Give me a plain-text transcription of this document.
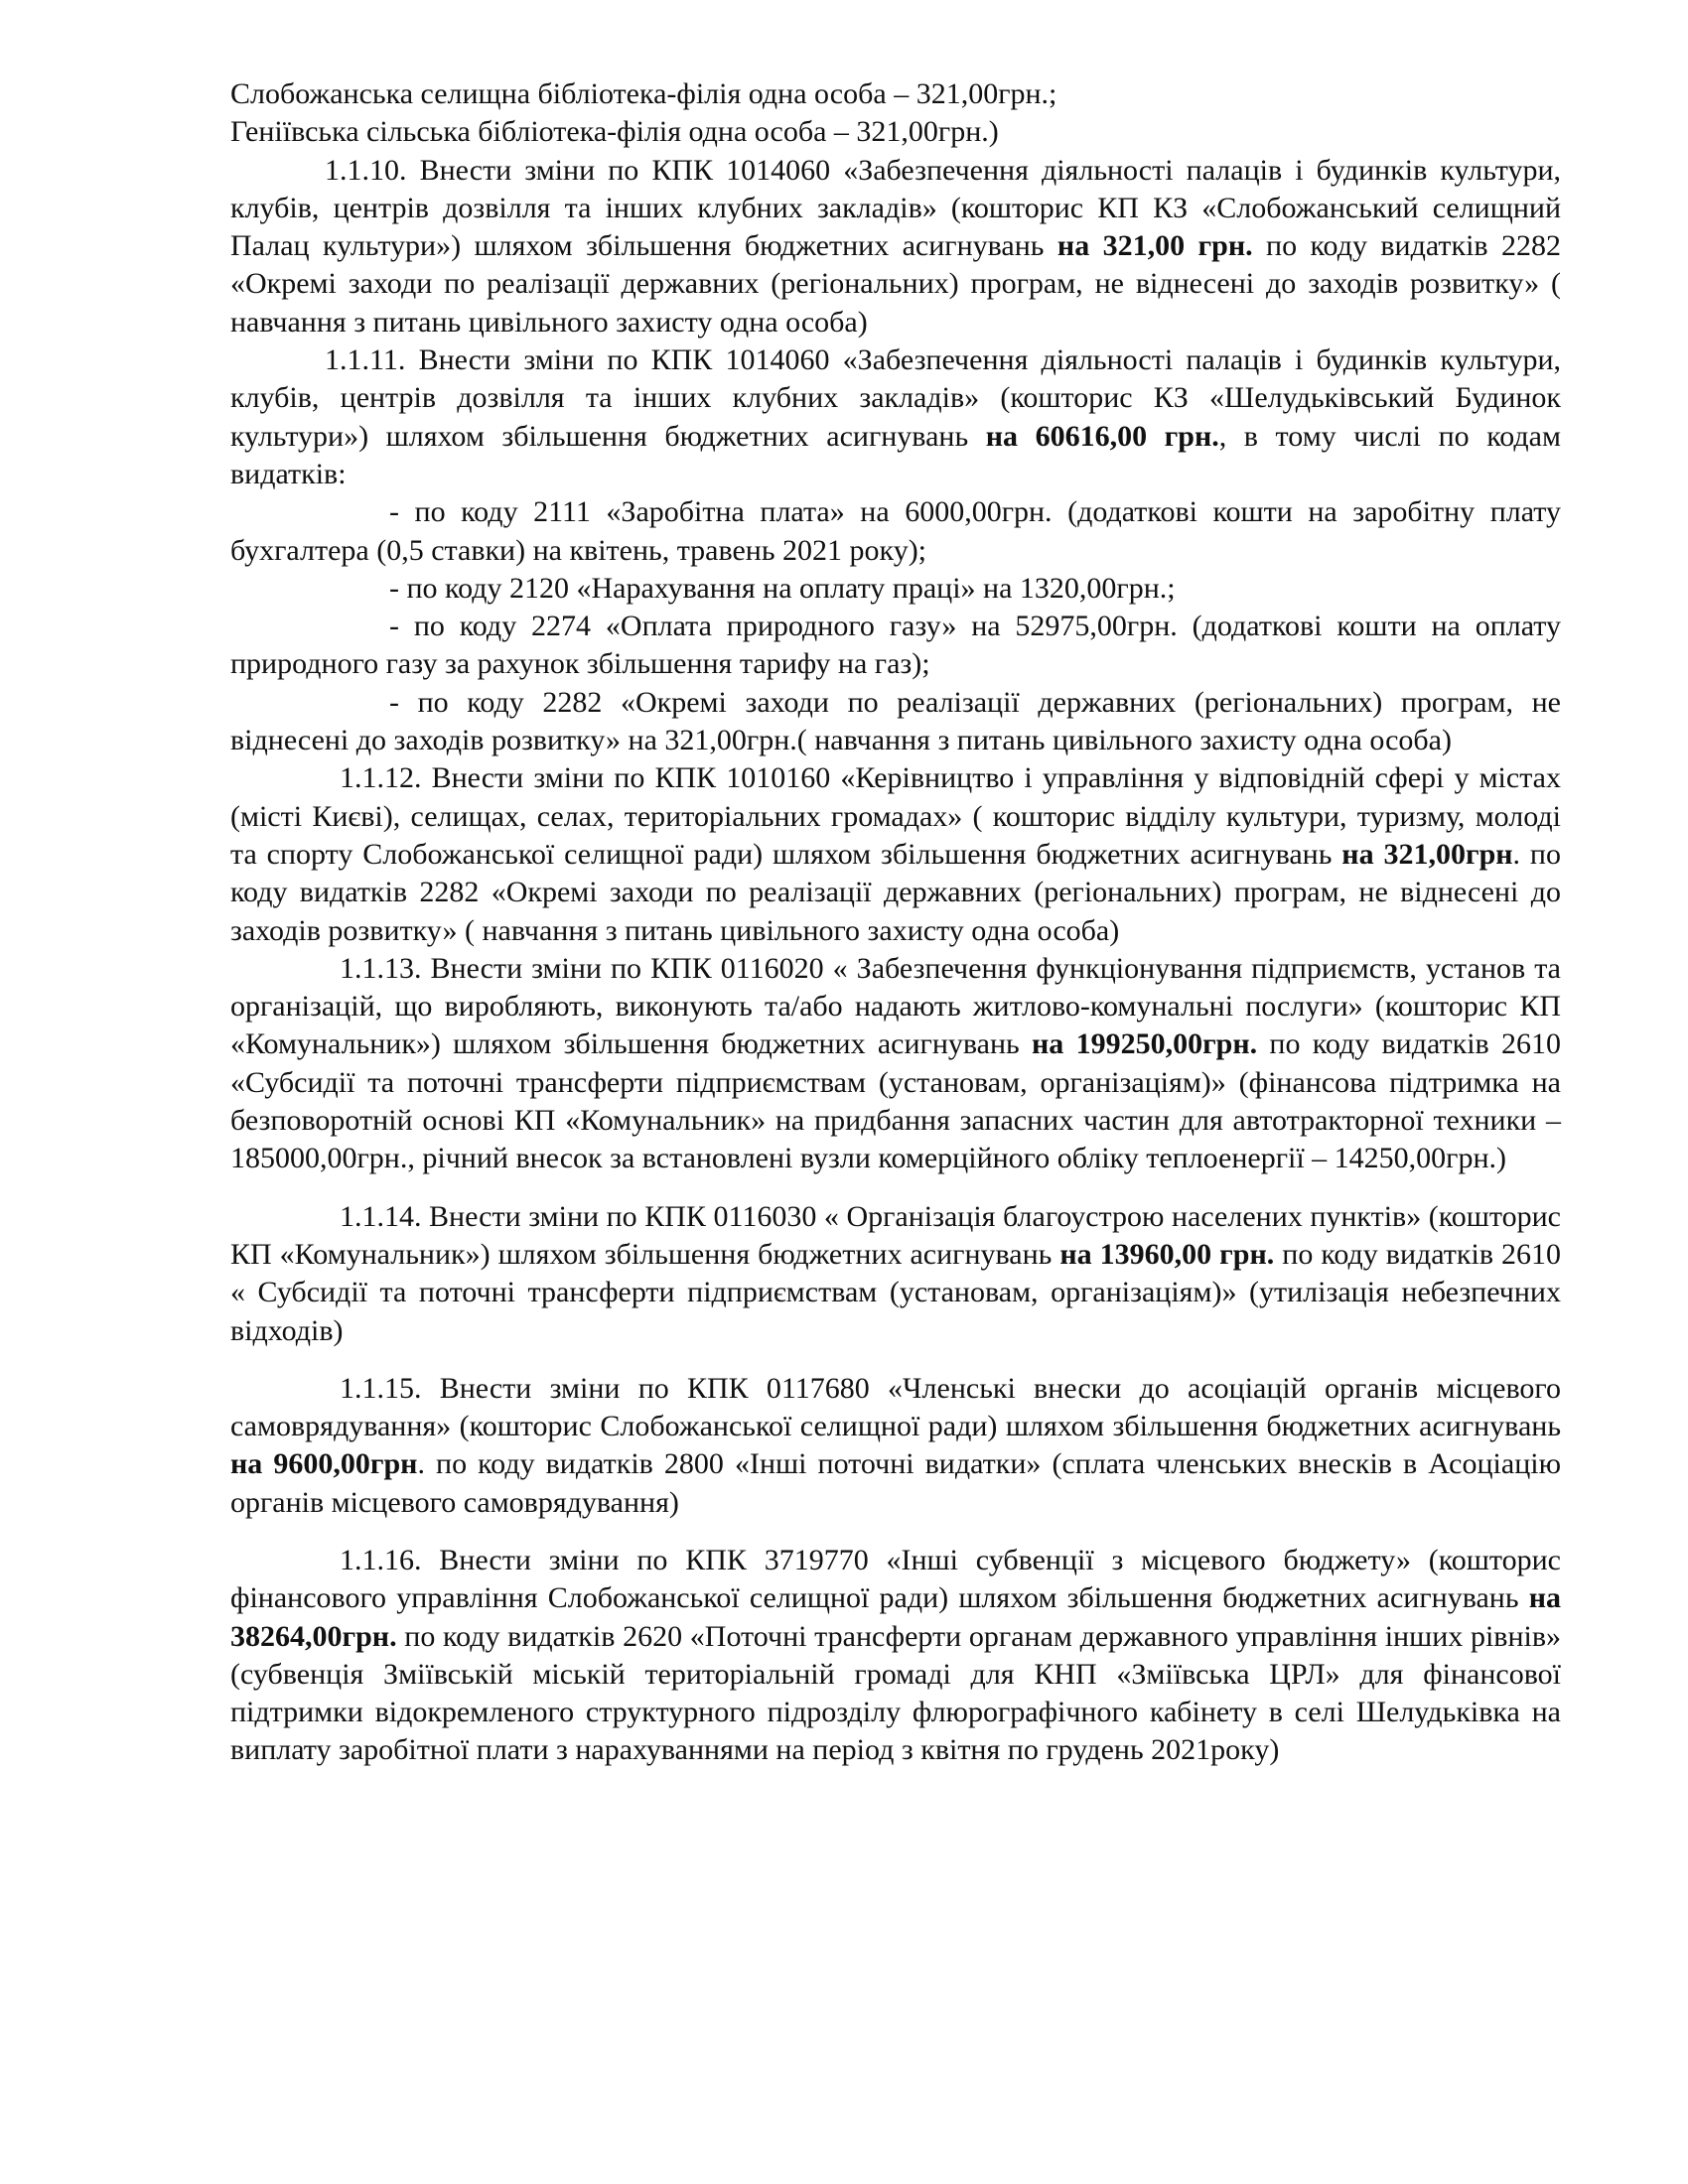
Слобожанська селищна бібліотека-філія одна особа – 321,00грн.;

Генiївська сільська бібліотека-філія одна особа – 321,00грн.)

1.1.10. Внести зміни по КПК 1014060 «Забезпечення діяльності палаців і будинків культури, клубів, центрів дозвілля та інших клубних закладів» (кошторис КП КЗ «Слобожанський селищний Палац культури») шляхом збільшення бюджетних асигнувань на 321,00 грн. по коду видатків 2282 «Окремі заходи по реалізації державних (регіональних) програм, не віднесені до заходів розвитку» ( навчання з питань цивільного захисту одна особа)

1.1.11. Внести зміни по КПК 1014060 «Забезпечення діяльності палаців і будинків культури, клубів, центрів дозвілля та інших клубних закладів» (кошторис КЗ «Шелудьківський Будинок культури») шляхом збільшення бюджетних асигнувань на 60616,00 грн., в тому числі по кодам видатків:

- по коду 2111 «Заробітна плата» на 6000,00грн. (додаткові кошти на заробітну плату бухгалтера (0,5 ставки) на квітень, травень 2021 року);

- по коду 2120 «Нарахування на оплату праці» на 1320,00грн.;

- по коду 2274 «Оплата природного газу» на 52975,00грн. (додаткові кошти на оплату природного газу за рахунок збільшення тарифу на газ);

- по коду 2282 «Окремі заходи по реалізації державних (регіональних) програм, не віднесені до заходів розвитку» на 321,00грн.( навчання з питань цивільного захисту одна особа)

1.1.12. Внести зміни по КПК 1010160 «Керівництво і управління у відповідній сфері у містах (місті Києві), селищах, селах, територіальних громадах» ( кошторис відділу культури, туризму, молоді та спорту Слобожанської селищної ради) шляхом збільшення бюджетних асигнувань на 321,00грн. по коду видатків 2282 «Окремі заходи по реалізації державних (регіональних) програм, не віднесені до заходів розвитку» ( навчання з питань цивільного захисту одна особа)

1.1.13. Внести зміни по КПК 0116020 « Забезпечення функціонування підприємств, установ та організацій, що виробляють, виконують та/або надають житлово-комунальні послуги» (кошторис КП «Комунальник») шляхом збільшення бюджетних асигнувань на 199250,00грн. по коду видатків 2610 «Субсидії та поточні трансферти підприємствам (установам, організаціям)» (фінансова підтримка на безповоротній основі КП «Комунальник» на придбання запасних частин для автотракторної техники – 185000,00грн., річний внесок за встановлені вузли комерційного обліку теплоенергії – 14250,00грн.)

1.1.14. Внести зміни по КПК 0116030 « Організація благоустрою населених пунктів» (кошторис КП «Комунальник») шляхом збільшення бюджетних асигнувань на 13960,00 грн. по коду видатків 2610 « Субсидії та поточні трансферти підприємствам (установам, організаціям)» (утилізація небезпечних відходів)

1.1.15. Внести зміни по КПК 0117680 «Членські внески до асоціацій органів місцевого самоврядування» (кошторис Слобожанської селищної ради) шляхом збільшення бюджетних асигнувань на 9600,00грн. по коду видатків 2800 «Інші поточні видатки» (сплата членських внесків в Асоціацію органів місцевого самоврядування)

1.1.16. Внести зміни по КПК 3719770 «Інші субвенції з місцевого бюджету» (кошторис фінансового управління Слобожанської селищної ради) шляхом збільшення бюджетних асигнувань на 38264,00грн. по коду видатків 2620 «Поточні трансферти органам державного управління інших рівнів» (субвенція Зміївській міській територіальній громаді для КНП «Зміївська ЦРЛ» для фінансової підтримки відокремленого структурного підрозділу флюрографічного кабінету в селі Шелудьківка на виплату заробітної плати з нарахуваннями на період з квітня по грудень 2021року)
